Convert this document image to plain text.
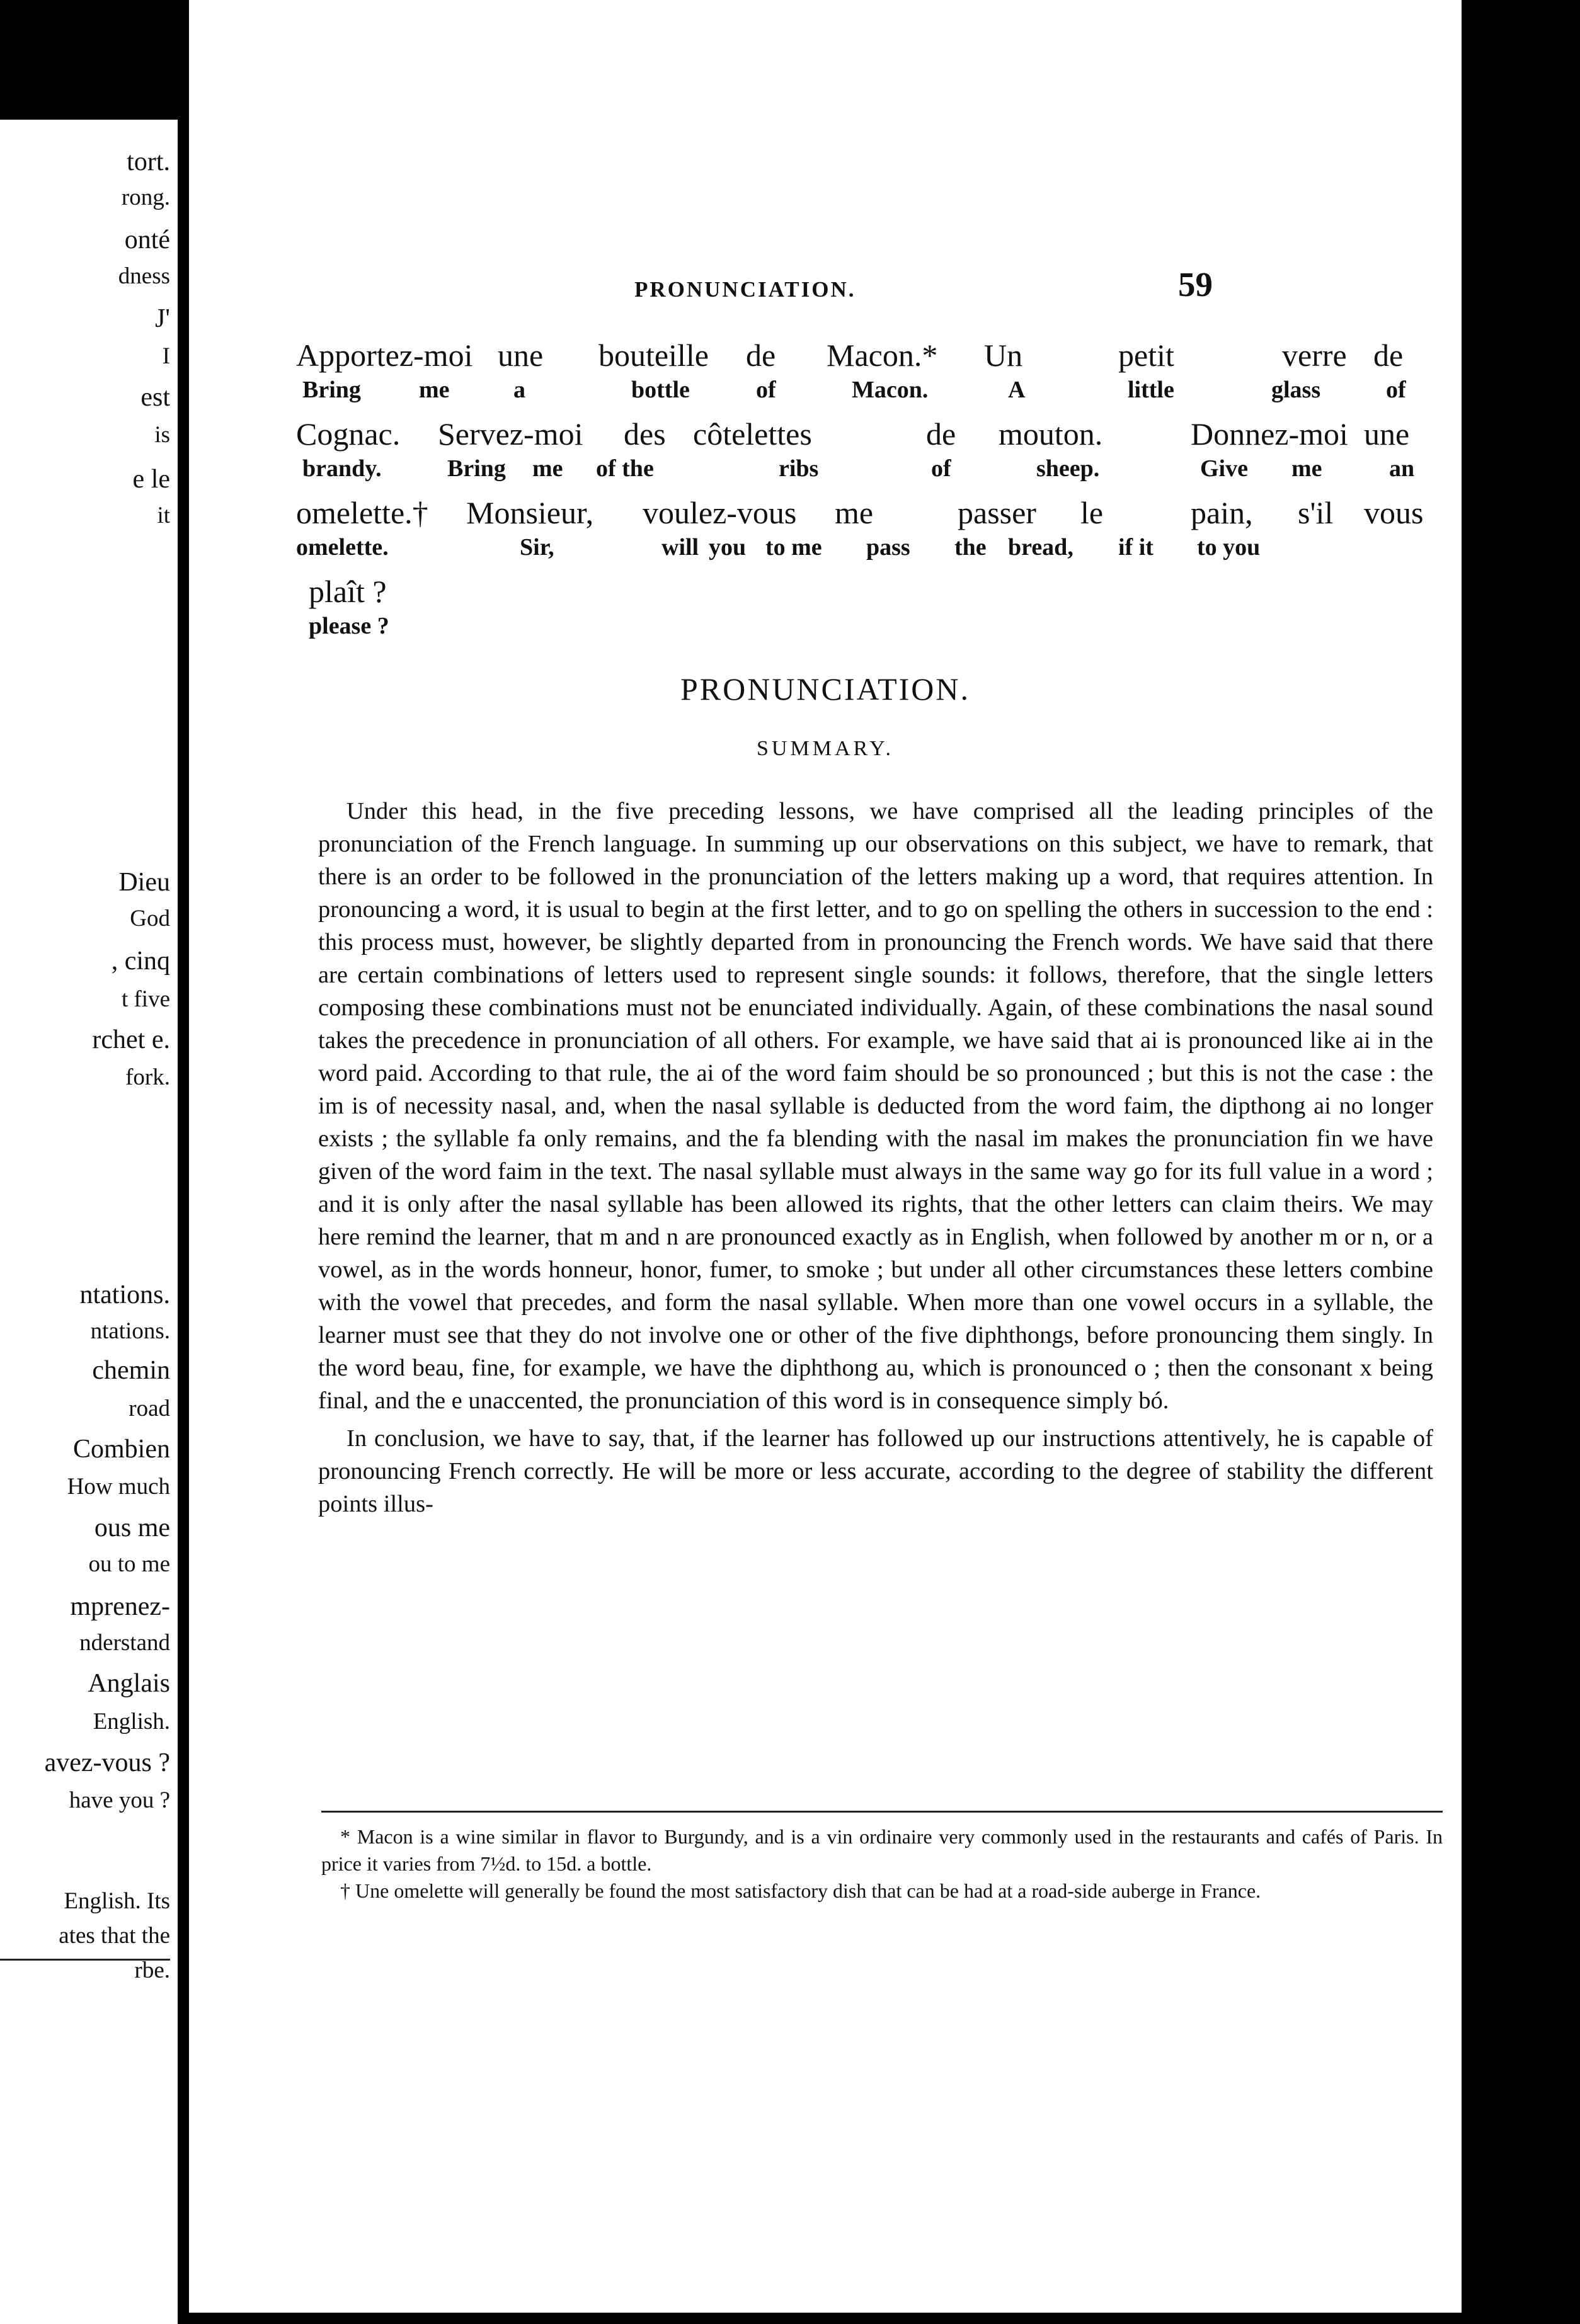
tort.
rong.
onté
dness
J'
I
est
is
e le
it
Dieu
God
, cinq
t five
rchet e.
fork.
ntations.
ntations.
chemin
road
Combien
How much
ous me
ou to me
mprenez-
nderstand
Anglais
English.
avez-vous ?
have you ?
English. Its
ates that the
rbe.
PRONUNCIATION.	59
Apportez-moi une bouteille de Macon.* Un	petit	verre de
Bring me	a	bottle	of	Macon.	A	little	glass	of
Cognac. Servez-moi des côtelettes	de mouton.	Donnez-moi une
brandy.	Bring me of the	ribs	of	sheep.	Give me	an
omelette.† Monsieur, voulez-vous me	passer le	pain, s'il vous
omelette.	Sir,	will you to me pass the bread, if it to you
plaît ?
please ?
PRONUNCIATION.
SUMMARY.

Under this head, in the five preceding lessons, we have comprised all the leading principles of the pronunciation of the French language. In summing up our observations on this subject, we have to remark, that there is an order to be followed in the pronunciation of the letters making up a word, that requires attention. In pronouncing a word, it is usual to begin at the first letter, and to go on spelling the others in succession to the end : this process must, however, be slightly departed from in pronouncing the French words. We have said that there are certain combinations of letters used to represent single sounds: it follows, therefore, that the single letters composing these combinations must not be enunciated individually. Again, of these combinations the nasal sound takes the precedence in pronunciation of all others. For example, we have said that ai is pronounced like ai in the word paid. According to that rule, the ai of the word faim should be so pronounced ; but this is not the case : the im is of necessity nasal, and, when the nasal syllable is deducted from the word faim, the dipthong ai no longer exists ; the syllable fa only remains, and the fa blending with the nasal im makes the pronunciation fin we have given of the word faim in the text. The nasal syllable must always in the same way go for its full value in a word ; and it is only after the nasal syllable has been allowed its rights, that the other letters can claim theirs. We may here remind the learner, that m and n are pronounced exactly as in English, when followed by another m or n, or a vowel, as in the words honneur, honor, fumer, to smoke ; but under all other circumstances these letters combine with the vowel that precedes, and form the nasal syllable. When more than one vowel occurs in a syllable, the learner must see that they do not involve one or other of the five diphthongs, before pronouncing them singly. In the word beau, fine, for example, we have the diphthong au, which is pronounced o ; then the consonant x being final, and the e unaccented, the pronunciation of this word is in consequence simply bó.

In conclusion, we have to say, that, if the learner has followed up our instructions attentively, he is capable of pronouncing French correctly. He will be more or less accurate, according to the degree of stability the different points illus-

* Macon is a wine similar in flavor to Burgundy, and is a vin ordinaire very commonly used in the restaurants and cafés of Paris. In price it varies from 7½d. to 15d. a bottle.

† Une omelette will generally be found the most satisfactory dish that can be had at a road-side auberge in France.
